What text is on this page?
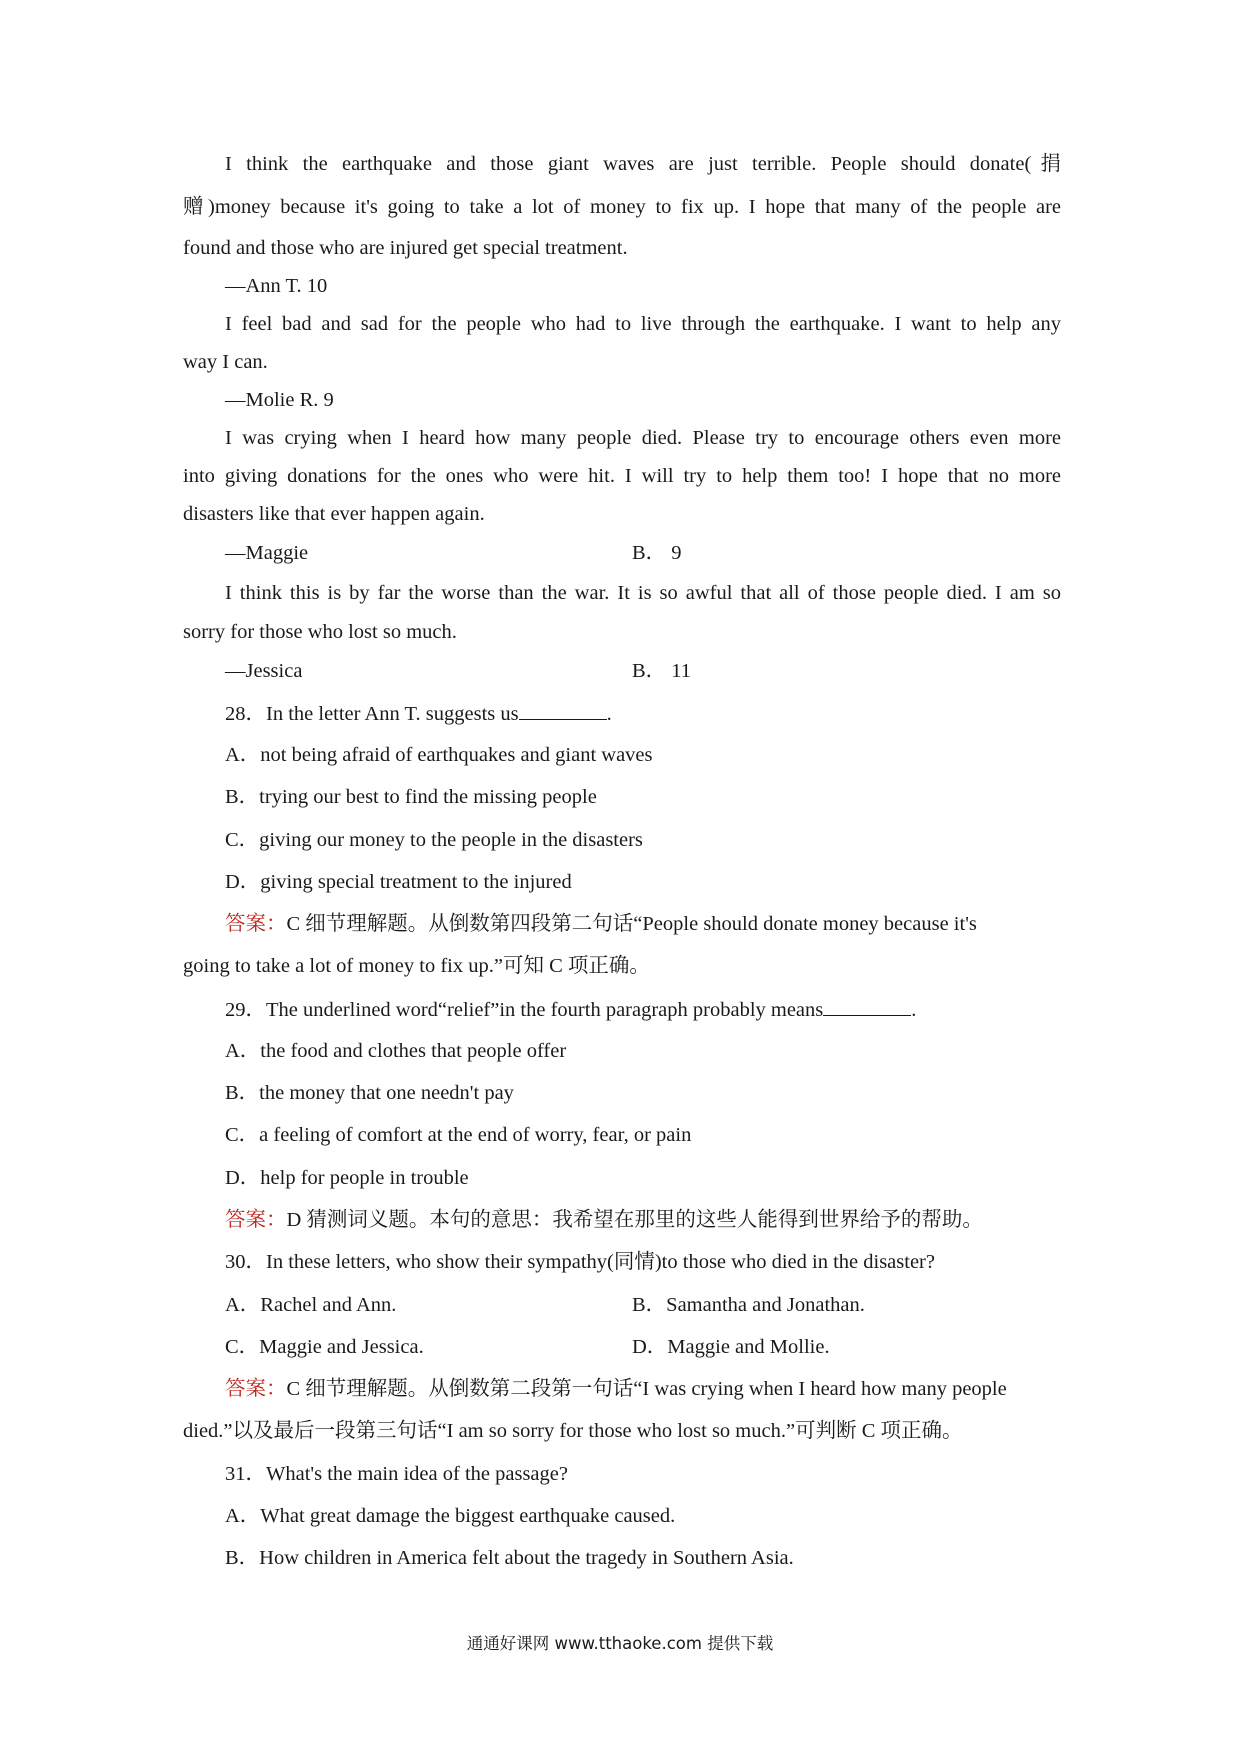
I think the earthquake and those giant waves are just terrible. People should donate(捐
赠)money because it's going to take a lot of money to fix up. I hope that many of the people are
found and those who are injured get special treatment.
—Ann T. 10
I feel bad and sad for the people who had to live through the earthquake. I want to help any
way I can.
—Molie R. 9
I was crying when I heard how many people died. Please try to encourage others even more
into giving donations for the ones who were hit. I will try to help them too! I hope that no more
disasters like that ever happen again.
—Maggie	B． 9
I think this is by far the worse than the war. It is so awful that all of those people died. I am so
sorry for those who lost so much.
—Jessica	B． 11
28．In the letter Ann T. suggests us	.
A．not being afraid of earthquakes and giant waves
B．trying our best to find the missing people
C．giving our money to the people in the disasters
D．giving special treatment to the injured
答案：C 细节理解题。从倒数第四段第二句话“People should donate money because it's
going to take a lot of money to fix up.”可知 C 项正确。
29．The underlined word“relief”in the fourth paragraph probably means	.
A．the food and clothes that people offer
B．the money that one needn't pay
C．a feeling of comfort at the end of worry, fear, or pain
D．help for people in trouble
答案：D 猜测词义题。本句的意思：我希望在那里的这些人能得到世界给予的帮助。
30．In these letters, who show their sympathy(同情)to those who died in the disaster?
A．Rachel and Ann.	B．Samantha and Jonathan.
C．Maggie and Jessica.	D．Maggie and Mollie.
答案：C 细节理解题。从倒数第二段第一句话“I was crying when I heard how many people
died.”以及最后一段第三句话“I am so sorry for those who lost so much.”可判断 C 项正确。
31．What's the main idea of the passage?
A．What great damage the biggest earthquake caused.
B．How children in America felt about the tragedy in Southern Asia.
通通好课网 www.tthaoke.com 提供下载
